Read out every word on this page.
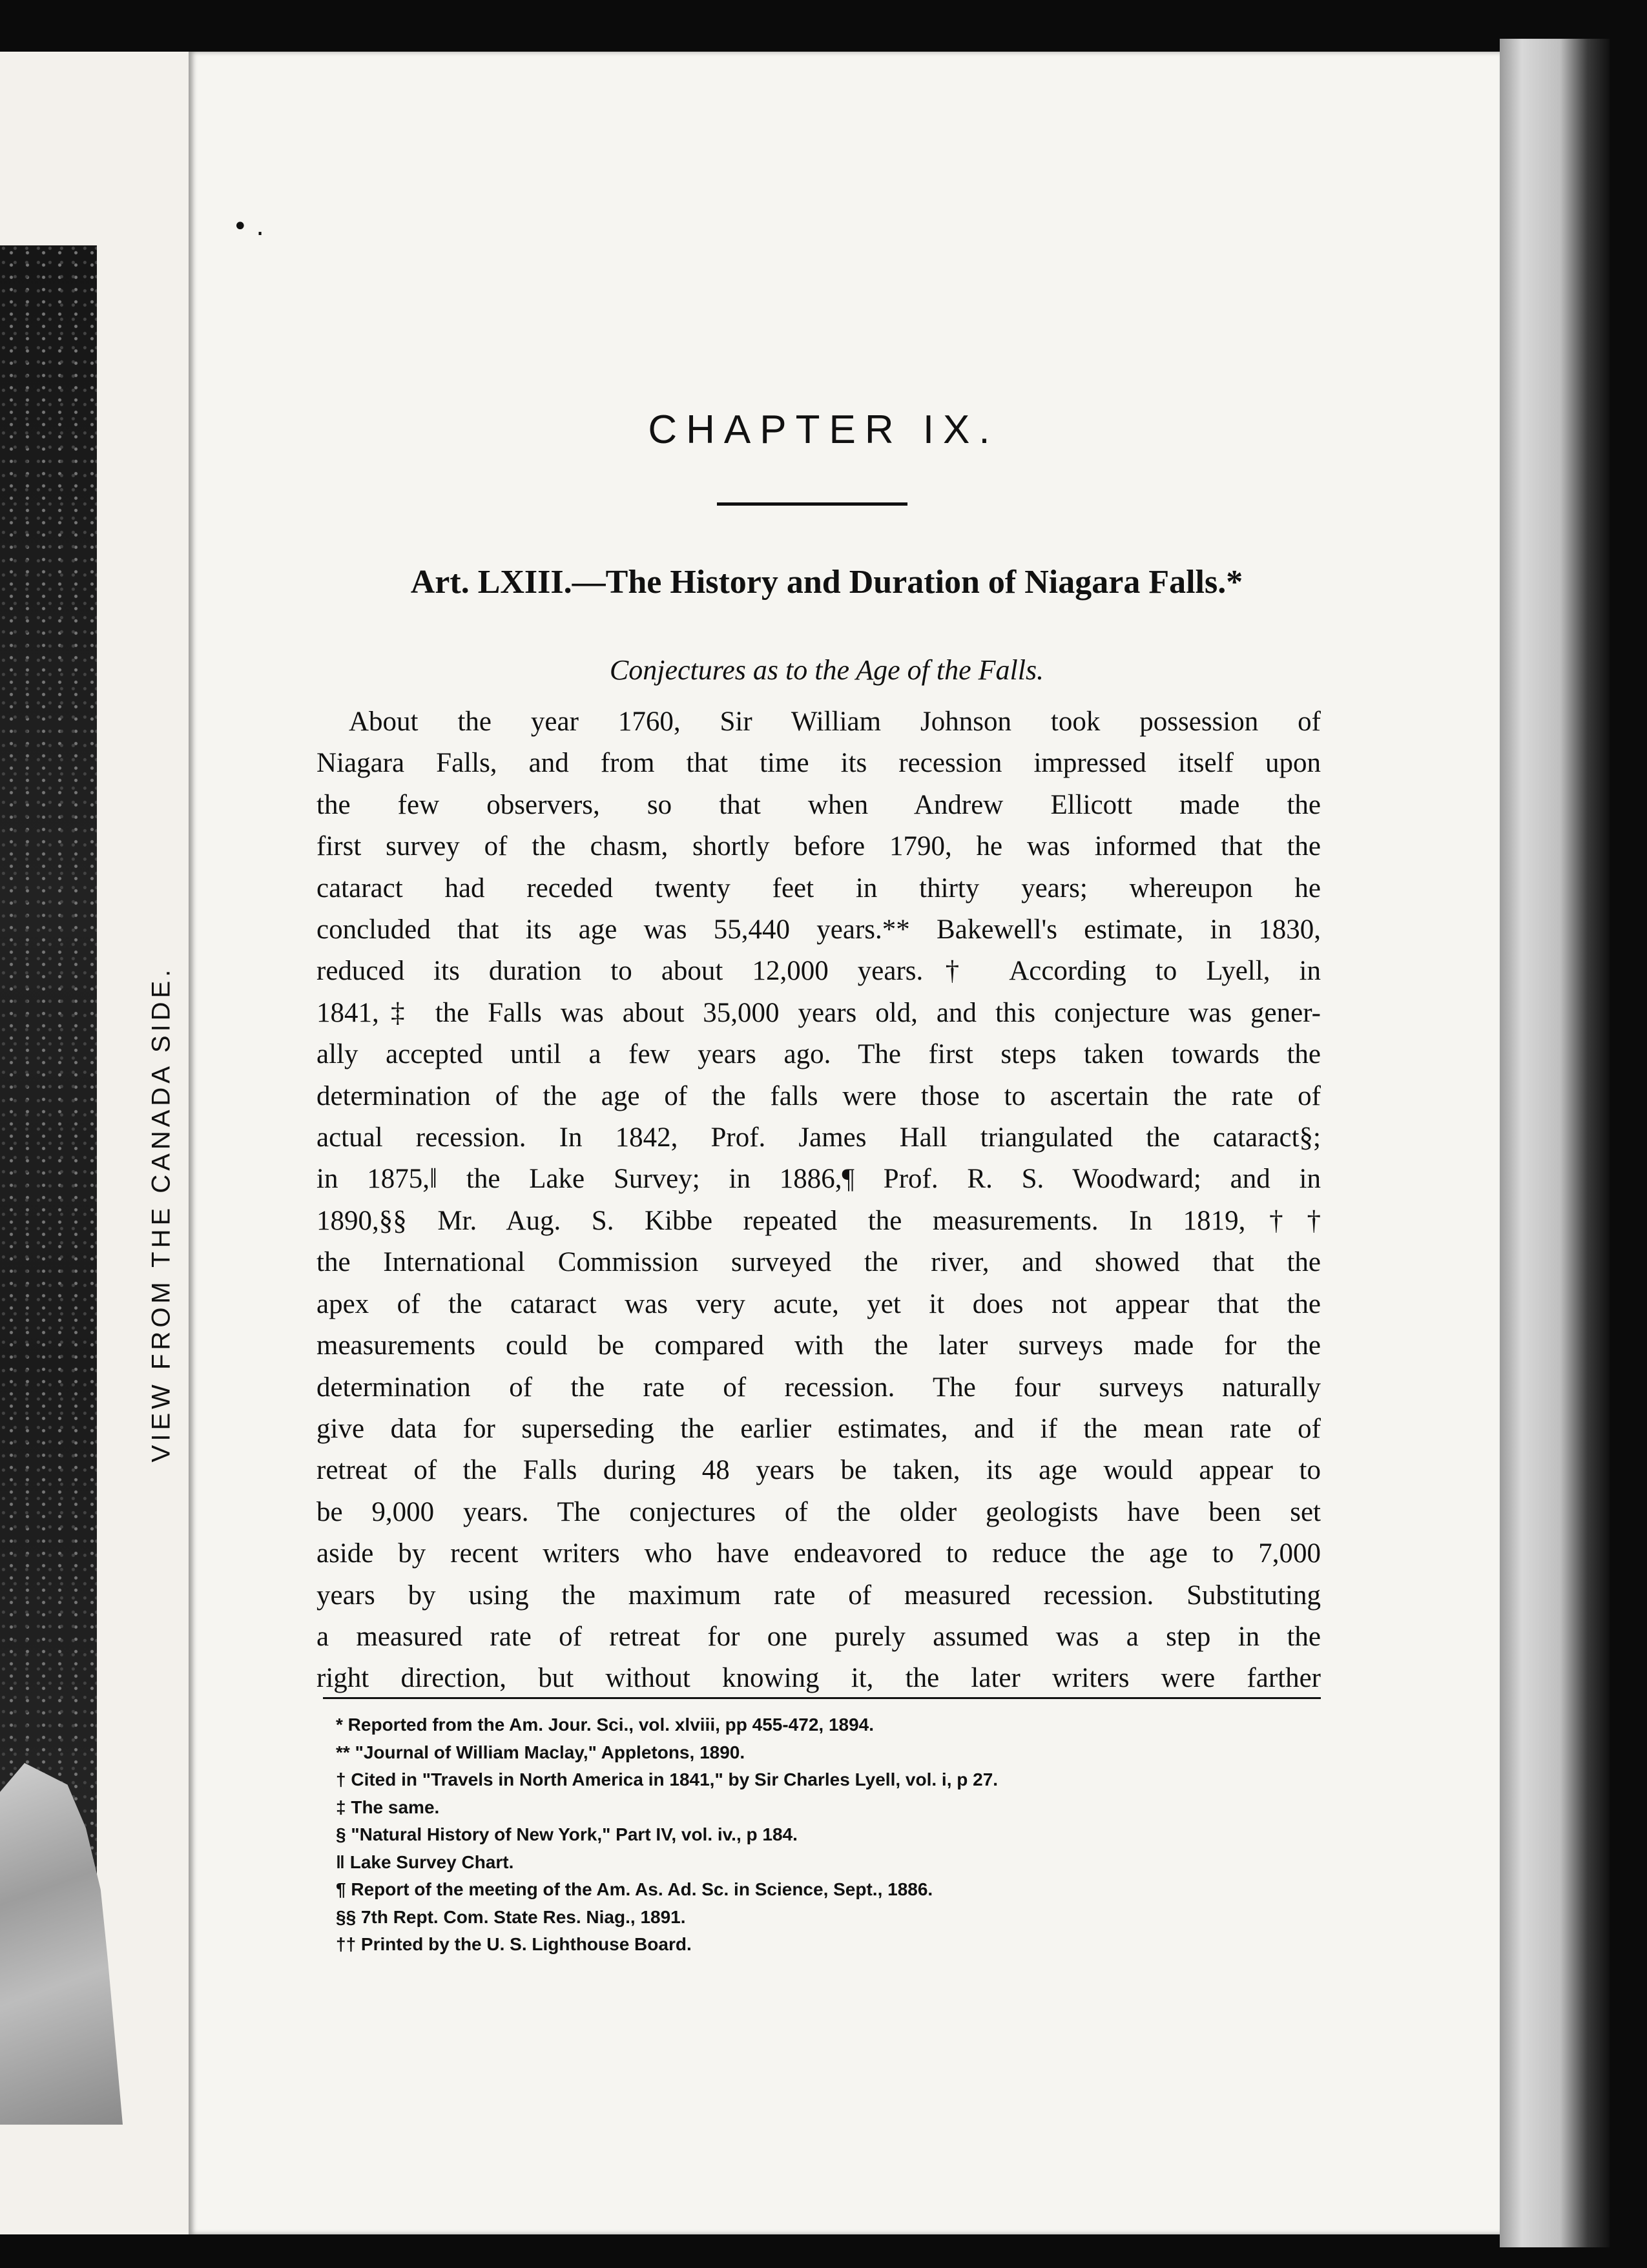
VIEW FROM THE CANADA SIDE.
• .
CHAPTER IX.
Art. LXIII.—The History and Duration of Niagara Falls.*
Conjectures as to the Age of the Falls.
About the year 1760, Sir William Johnson took possession of
Niagara Falls, and from that time its recession impressed itself upon
the few observers, so that when Andrew Ellicott made the
first survey of the chasm, shortly before 1790, he was informed that the
cataract had receded twenty feet in thirty years; whereupon he
concluded that its age was 55,440 years.** Bakewell's estimate, in 1830,
reduced its duration to about 12,000 years.† According to Lyell, in
1841,‡ the Falls was about 35,000 years old, and this conjecture was gener-
ally accepted until a few years ago. The first steps taken towards the
determination of the age of the falls were those to ascertain the rate of
actual recession. In 1842, Prof. James Hall triangulated the cataract§;
in 1875,‖ the Lake Survey; in 1886,¶ Prof. R. S. Woodward; and in
1890,§§ Mr. Aug. S. Kibbe repeated the measurements. In 1819,††
the International Commission surveyed the river, and showed that the
apex of the cataract was very acute, yet it does not appear that the
measurements could be compared with the later surveys made for the
determination of the rate of recession. The four surveys naturally
give data for superseding the earlier estimates, and if the mean rate of
retreat of the Falls during 48 years be taken, its age would appear to
be 9,000 years. The conjectures of the older geologists have been set
aside by recent writers who have endeavored to reduce the age to 7,000
years by using the maximum rate of measured recession. Substituting
a measured rate of retreat for one purely assumed was a step in the
right direction, but without knowing it, the later writers were farther
* Reported from the Am. Jour. Sci., vol. xlviii, pp 455-472, 1894.
** "Journal of William Maclay," Appletons, 1890.
† Cited in "Travels in North America in 1841," by Sir Charles Lyell, vol. i, p 27.
‡ The same.
§ "Natural History of New York," Part IV, vol. iv., p 184.
‖ Lake Survey Chart.
¶ Report of the meeting of the Am. As. Ad. Sc. in Science, Sept., 1886.
§§ 7th Rept. Com. State Res. Niag., 1891.
†† Printed by the U. S. Lighthouse Board.
